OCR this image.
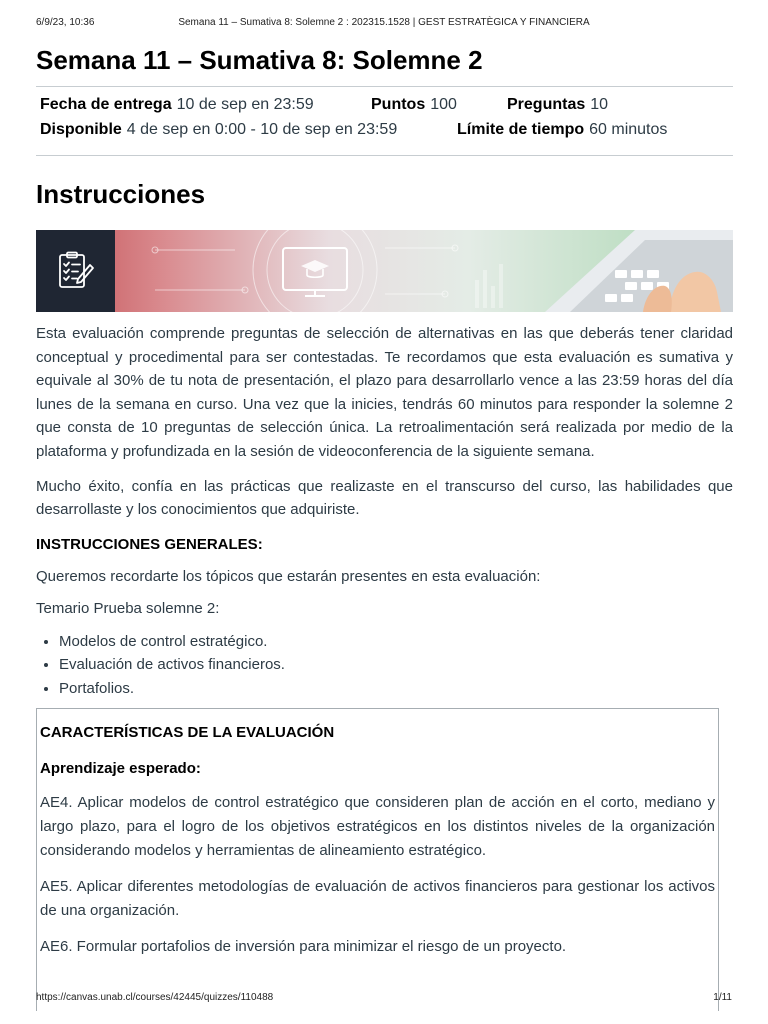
6/9/23, 10:36	Semana 11 – Sumativa 8: Solemne 2 : 202315.1528 | GEST ESTRATÈGICA Y FINANCIERA
Semana 11 – Sumativa 8: Solemne 2
Fecha de entrega 10 de sep en 23:59	Puntos 100	Preguntas 10
Disponible 4 de sep en 0:00 - 10 de sep en 23:59	Límite de tiempo 60 minutos
Instrucciones

Esta evaluación comprende preguntas de selección de alternativas en las que deberás tener claridad conceptual y procedimental para ser contestadas. Te recordamos que esta evaluación es sumativa y equivale al 30% de tu nota de presentación, el plazo para desarrollarlo vence a las 23:59 horas del día lunes de la semana en curso. Una vez que la inicies, tendrás 60 minutos para responder la solemne 2 que consta de 10 preguntas de selección única. La retroalimentación será realizada por medio de la plataforma y profundizada en la sesión de videoconferencia de la siguiente semana.

Mucho éxito, confía en las prácticas que realizaste en el transcurso del curso, las habilidades que desarrollaste y los conocimientos que adquiriste.

INSTRUCCIONES GENERALES:
Queremos recordarte los tópicos que estarán presentes en esta evaluación:
Temario Prueba solemne 2:
• Modelos de control estratégico.
• Evaluación de activos financieros.
• Portafolios.
CARACTERÍSTICAS DE LA EVALUACIÓN
Aprendizaje esperado:
AE4. Aplicar modelos de control estratégico que consideren plan de acción en el corto, mediano y largo plazo, para el logro de los objetivos estratégicos en los distintos niveles de la organización considerando modelos y herramientas de alineamiento estratégico.
AE5. Aplicar diferentes metodologías de evaluación de activos financieros para gestionar los activos de una organización.
AE6. Formular portafolios de inversión para minimizar el riesgo de un proyecto.
https://canvas.unab.cl/courses/42445/quizzes/110488	1/11
